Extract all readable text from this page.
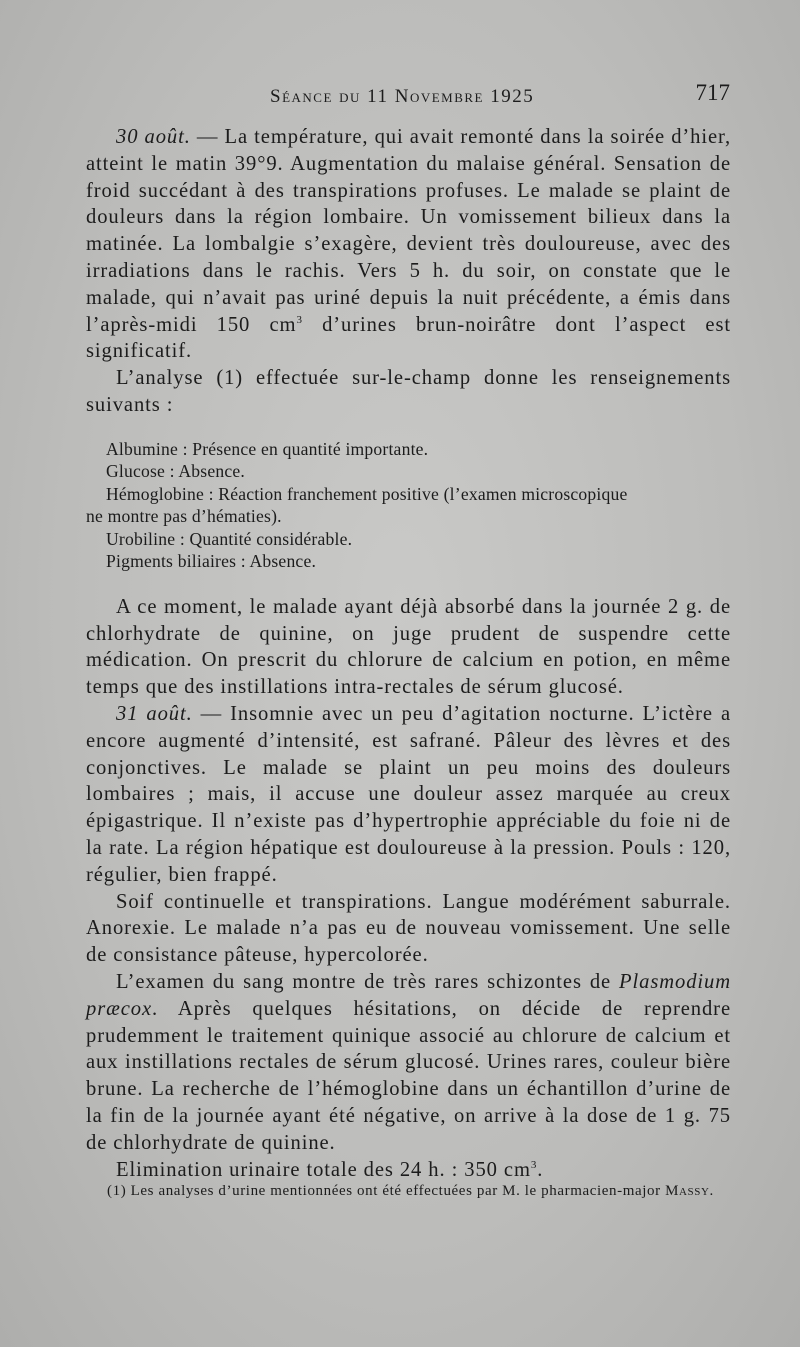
Séance du 11 Novembre 1925	717

30 août. — La température, qui avait remonté dans la soirée d’hier, atteint le matin 39°9. Augmentation du malaise général. Sensation de froid succédant à des transpirations profuses. Le malade se plaint de douleurs dans la région lombaire. Un vomissement bilieux dans la matinée. La lombalgie s’exagère, devient très douloureuse, avec des irradiations dans le rachis. Vers 5 h. du soir, on constate que le malade, qui n’avait pas uriné depuis la nuit précédente, a émis dans l’après-midi 150 $cm^3$ d’urines brun-noirâtre dont l’aspect est significatif.

L’analyse (1) effectuée sur-le-champ donne les renseignements suivants :

Albumine : Présence en quantité importante.

Glucose : Absence.

Hémoglobine : Réaction franchement positive (l’examen microscopique

ne montre pas d’hématies).

Urobiline : Quantité considérable.

Pigments biliaires : Absence.

A ce moment, le malade ayant déjà absorbé dans la journée 2 g. de chlorhydrate de quinine, on juge prudent de suspendre cette médication. On prescrit du chlorure de calcium en potion, en même temps que des instillations intra-rectales de sérum glucosé.

31 août. — Insomnie avec un peu d’agitation nocturne. L’ictère a encore augmenté d’intensité, est safrané. Pâleur des lèvres et des conjonctives. Le malade se plaint un peu moins des douleurs lombaires ; mais, il accuse une douleur assez marquée au creux épigastrique. Il n’existe pas d’hypertrophie appréciable du foie ni de la rate. La région hépatique est douloureuse à la pression. Pouls : 120, régulier, bien frappé.

Soif continuelle et transpirations. Langue modérément saburrale. Anorexie. Le malade n’a pas eu de nouveau vomissement. Une selle de consistance pâteuse, hypercolorée.

L’examen du sang montre de très rares schizontes de Plasmodium præcox. Après quelques hésitations, on décide de reprendre prudemment le traitement quinique associé au chlorure de calcium et aux instillations rectales de sérum glucosé. Urines rares, couleur bière brune. La recherche de l’hémoglobine dans un échantillon d’urine de la fin de la journée ayant été négative, on arrive à la dose de 1 g. 75 de chlorhydrate de quinine.

Elimination urinaire totale des 24 h. : 350 $cm^3$.

(1) Les analyses d’urine mentionnées ont été effectuées par M. le pharmacien-major Massy.
